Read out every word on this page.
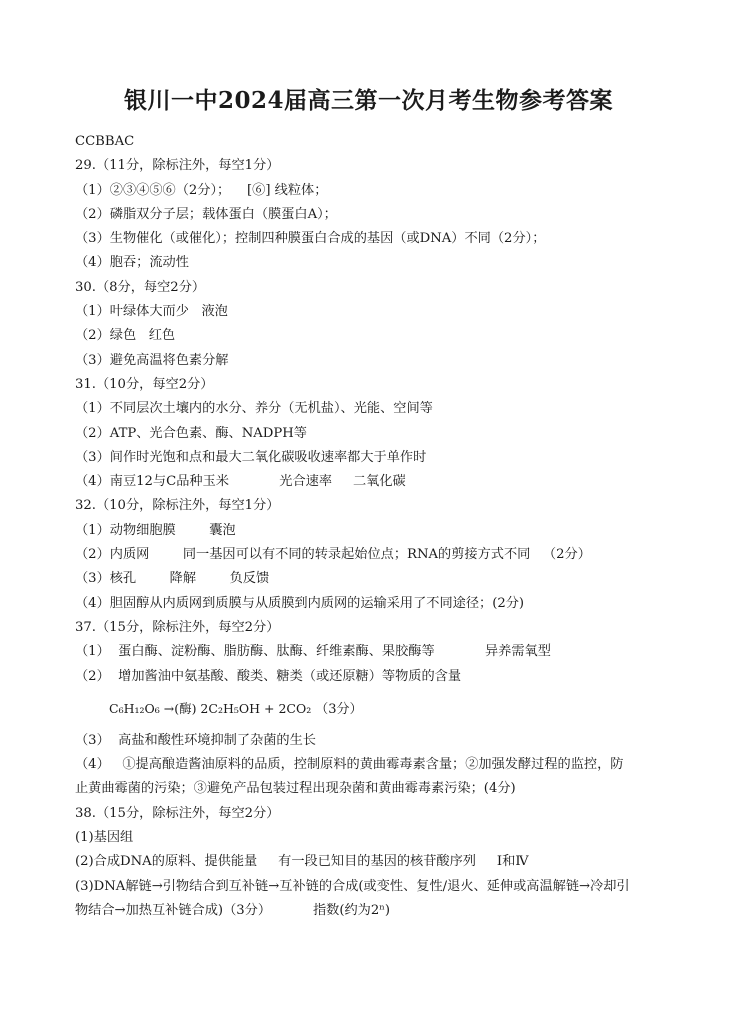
银川一中2024届高三第一次月考生物参考答案
CCBBAC
29.（11分，除标注外，每空1分）
（1）②③④⑤⑥（2分）；    [⑥] 线粒体；
（2）磷脂双分子层；载体蛋白（膜蛋白A）；
（3）生物催化（或催化）；控制四种膜蛋白合成的基因（或DNA）不同（2分）；
（4）胞吞；流动性
30.（8分，每空2分）
（1）叶绿体大而少   液泡
（2）绿色   红色
（3）避免高温将色素分解
31.（10分，每空2分）
（1）不同层次土壤内的水分、养分（无机盐）、光能、空间等
（2）ATP、光合色素、酶、NADPH等
（3）间作时光饱和点和最大二氧化碳吸收速率都大于单作时
（4）南豆12与C品种玉米            光合速率     二氧化碳
32.（10分，除标注外，每空1分）
（1）动物细胞膜        囊泡
（2）内质网        同一基因可以有不同的转录起始位点；RNA的剪接方式不同   （2分）
（3）核孔        降解        负反馈
（4）胆固醇从内质网到质膜与从质膜到内质网的运输采用了不同途径；(2分)
37.（15分，除标注外，每空2分）
（1）  蛋白酶、淀粉酶、脂肪酶、肽酶、纤维素酶、果胶酶等            异养需氧型
（2）  增加酱油中氨基酸、酸类、糖类（或还原糖）等物质的含量
C₆H₁₂O₆ →(酶) 2C₂H₅OH + 2CO₂ （3分）
（3）  高盐和酸性环境抑制了杂菌的生长
（4）   ①提高酿造酱油原料的品质，控制原料的黄曲霉毒素含量；②加强发酵过程的监控，防
止黄曲霉菌的污染；③避免产品包装过程出现杂菌和黄曲霉毒素污染；(4分)
38.（15分，除标注外，每空2分）
(1)基因组
(2)合成DNA的原料、提供能量     有一段已知目的基因的核苷酸序列     Ⅰ和Ⅳ
(3)DNA解链→引物结合到互补链→互补链的合成(或变性、复性/退火、延伸或高温解链→冷却引
物结合→加热互补链合成)（3分）          指数(约为2ⁿ)
